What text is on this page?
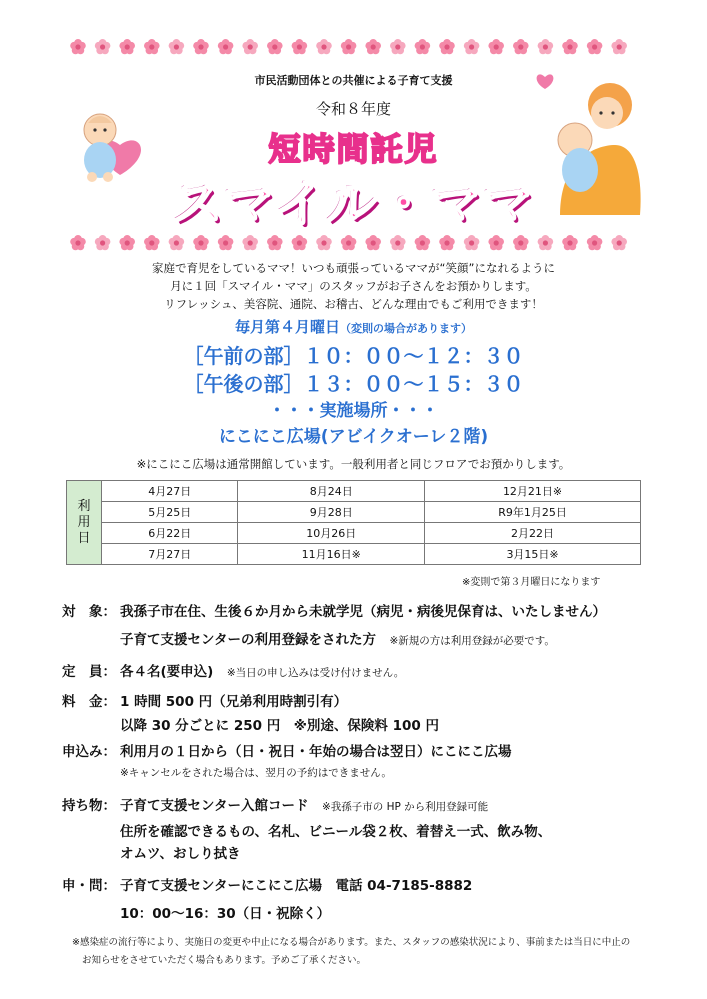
市民活動団体との共催による子育て支援
令和８年度
短時間託児
スマイル・ママ
家庭で育児をしているママ！いつも頑張っているママが“笑顔”になれるように
月に１回「スマイル・ママ」のスタッフがお子さんをお預かりします。
リフレッシュ、美容院、通院、お稽古、どんな理由でもご利用できます！
毎月第４月曜日（変則の場合があります）
［午前の部］１０：００～１２：３０
［午後の部］１３：００～１５：３０
・・・実施場所・・・
にこにこ広場(アビイクオーレ２階)
※にこにこ広場は通常開館しています。一般利用者と同じフロアでお預かりします。
利
用
日	4月27日	8月24日	12月21日※
	5月25日	9月28日	R9年1月25日
	6月22日	10月26日	2月22日
	7月27日	11月16日※	3月15日※
※変則で第３月曜日になります
対　象： 我孫子市在住、生後６か月から未就学児（病児・病後児保育は、いたしません）
子育て支援センターの利用登録をされた方　 ※新規の方は利用登録が必要です。
定　員： 各４名(要申込)　 ※当日の申し込みは受け付けません。
料　金： 1 時間 500 円（兄弟利用時割引有）
以降 30 分ごとに 250 円　※別途、保険料 100 円
申込み： 利用月の１日から（日・祝日・年始の場合は翌日）にこにこ広場
※キャンセルをされた場合は、翌月の予約はできません。
持ち物： 子育て支援センター入館コード　 ※我孫子市の HP から利用登録可能
住所を確認できるもの、名札、ビニール袋２枚、着替え一式、飲み物、
オムツ、おしり拭き
申・問： 子育て支援センターにこにこ広場　電話 04-7185-8882
10：00～16：30（日・祝除く）
※感染症の流行等により、実施日の変更や中止になる場合があります。また、スタッフの感染状況により、事前または当日に中止の
お知らせをさせていただく場合もあります。予めご了承ください。
